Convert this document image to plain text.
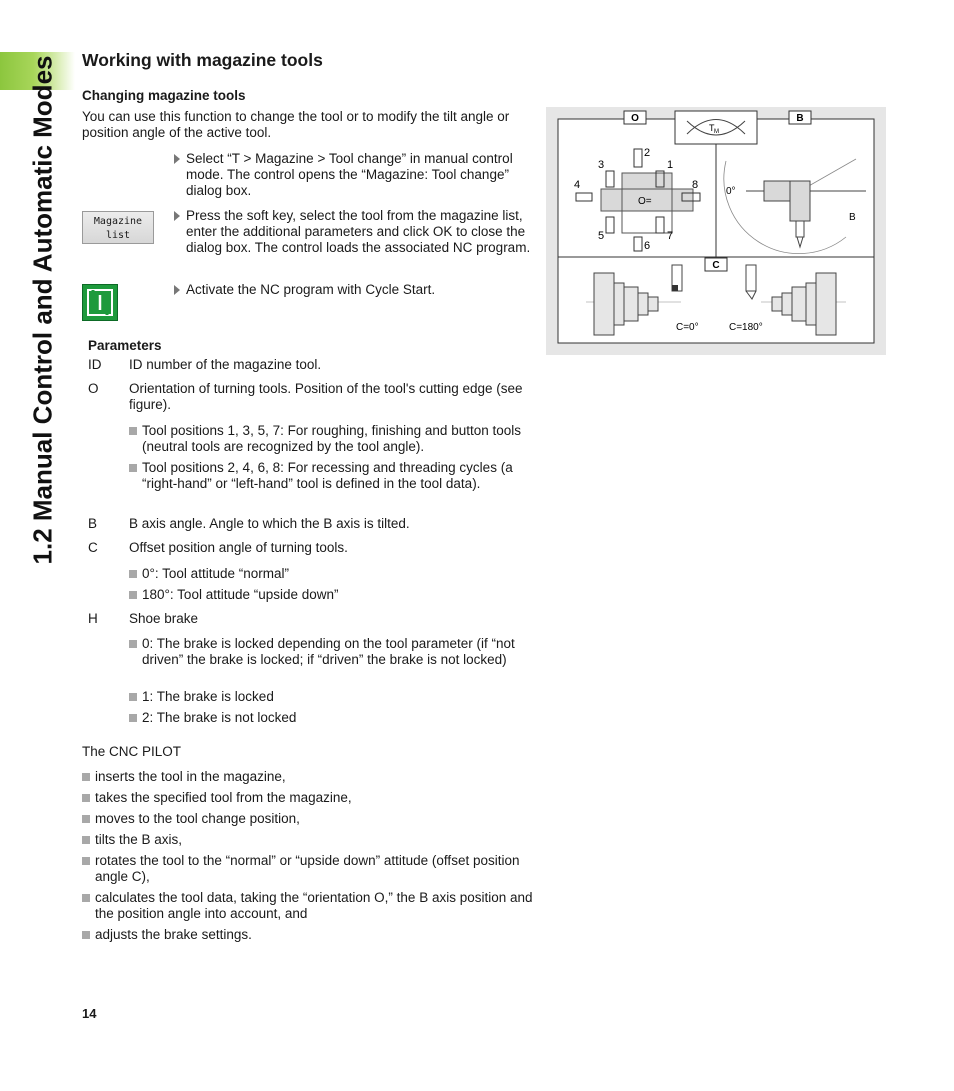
1.2 Manual Control and Automatic Modes Working with magazine tools
Changing magazine tools
You can use this function to change the tool or to modify the tilt angle or position angle of the active tool.
Select “T > Magazine > Tool change” in manual control mode. The control opens the “Magazine: Tool change” dialog box.
Magazine
list
Press the soft key, select the tool from the magazine list, enter the additional parameters and click OK to close the dialog box. The control loads the associated NC program.
Activate the NC program with Cycle Start.
Parameters
ID ID number of the magazine tool.
O Orientation of turning tools. Position of the tool's cutting edge (see figure).
Tool positions 1, 3, 5, 7: For roughing, finishing and button tools (neutral tools are recognized by the tool angle).
Tool positions 2, 4, 6, 8: For recessing and threading cycles (a “right-hand” or “left-hand” tool is defined in the tool data).
B B axis angle. Angle to which the B axis is tilted.
C Offset position angle of turning tools.
0°: Tool attitude “normal”
180°: Tool attitude “upside down”
H Shoe brake
0: The brake is locked depending on the tool parameter (if “not driven” the brake is locked; if “driven” the brake is not locked)
1: The brake is locked
2: The brake is not locked
The CNC PILOT
inserts the tool in the magazine,
takes the specified tool from the magazine,
moves to the tool change position,
tilts the B axis,
rotates the tool to the “normal” or “upside down” attitude (offset position angle C),
calculates the tool data, taking the “orientation O,” the B axis position and the position angle into account, and
adjusts the brake settings.
14
O	B
C
T M
O=
1
2
3
4
5
6
7
8
0°
B
C=0°	C=180°
